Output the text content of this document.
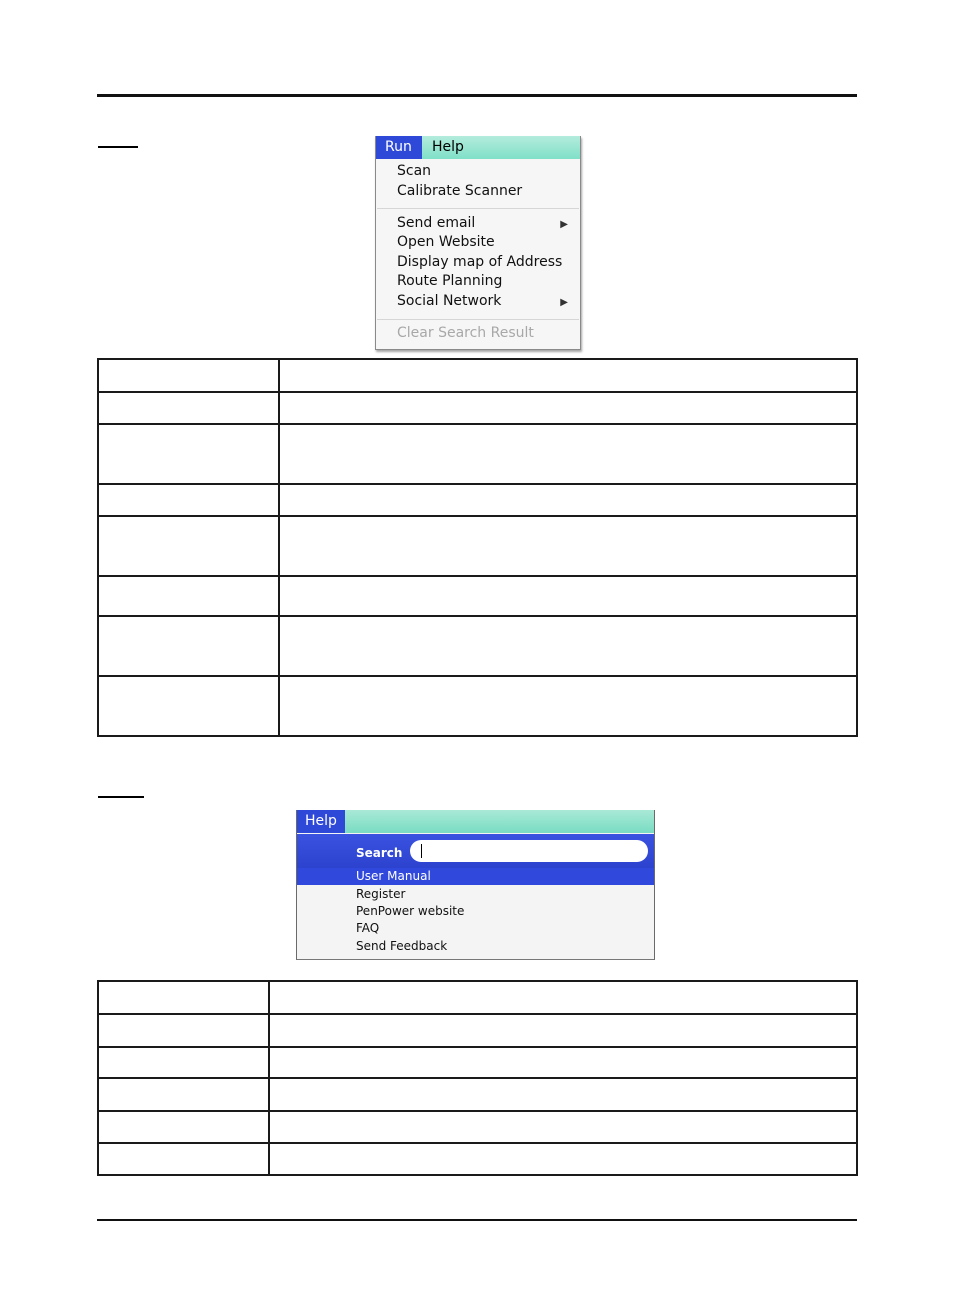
Run	Help
Scan
Calibrate Scanner
Send email	▶
Open Website
Display map of Address
Route Planning
Social Network	▶
Clear Search Result

Help
Search
User Manual
Register
PenPower website
FAQ
Send Feedback
